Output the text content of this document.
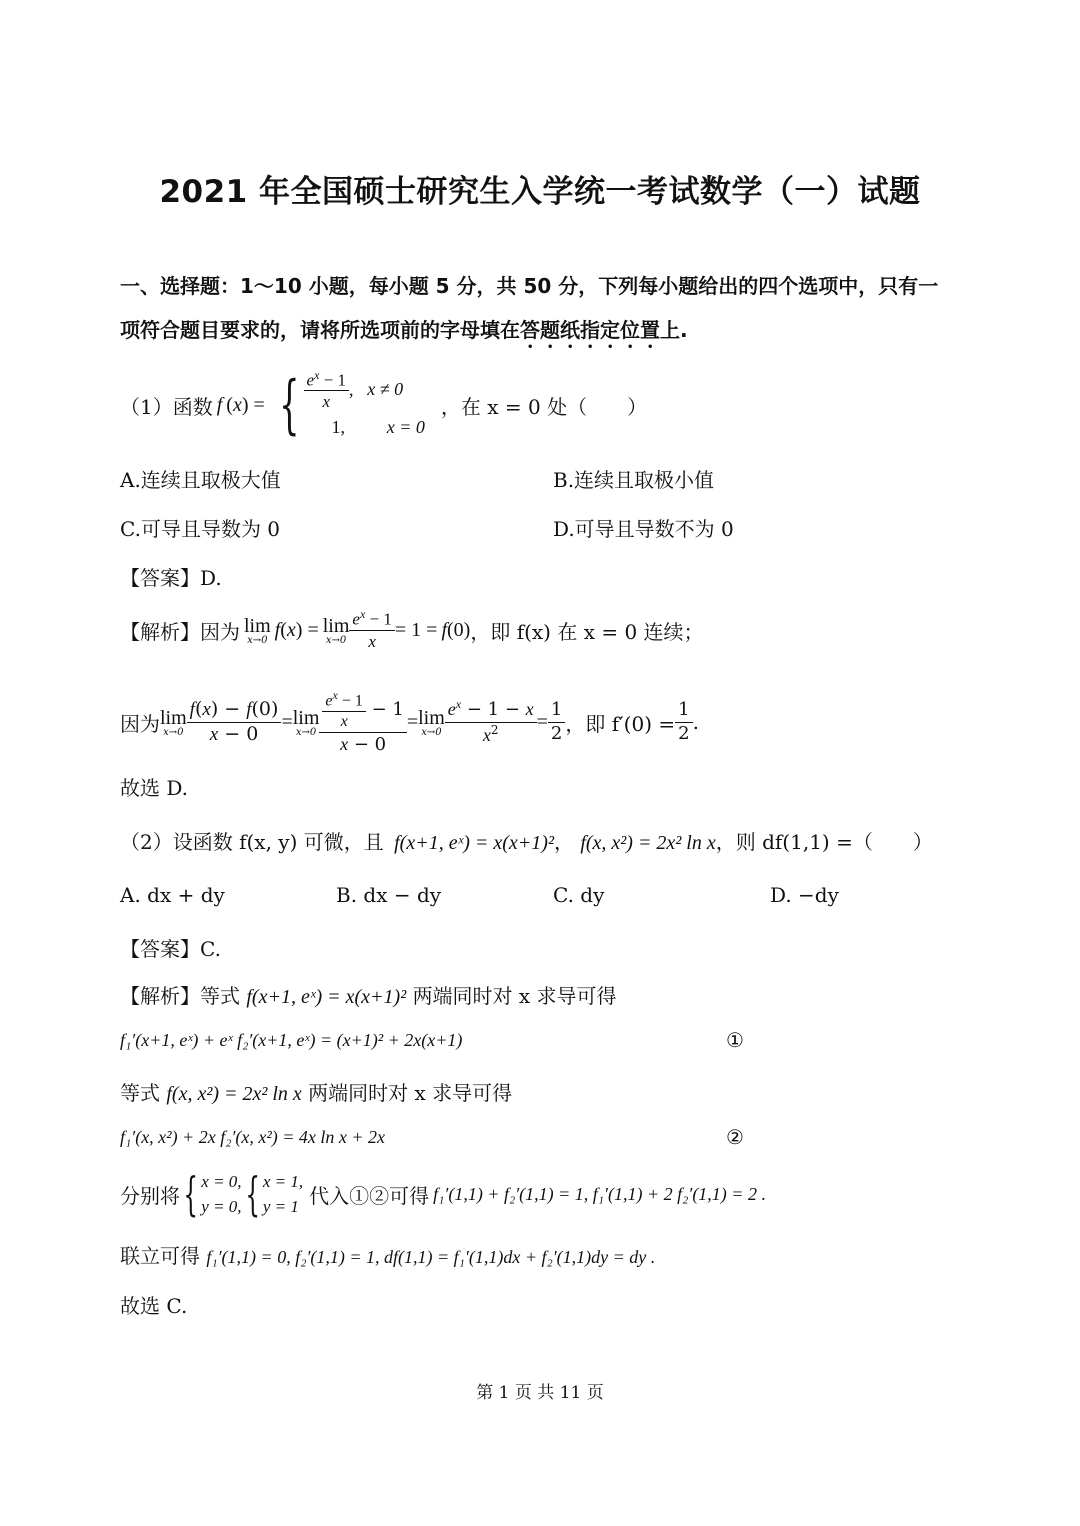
2021 年全国硕士研究生入学统一考试数学（一）试题
一、选择题：1～10 小题，每小题 5 分，共 50 分，下列每小题给出的四个选项中，只有一
项符合题目要求的，请将所选项前的字母填在答题纸指定位置上.
（1）函数 f ( x ) = { $\frac{e^x - 1}{x}$ , x ≠ 0
1, x = 0
，在 x = 0 处（　　）
A.连续且取极大值	B.连续且取极小值
C.可导且导数为 0	D.可导且导数不为 0
【答案】D.
【解析】因为 lim
x→0 f ( x ) = lim
$x\to 0 \frac{e^x - 1}{x} = 1 = f$ (0) ，即 f(x) 在 x = 0 连续；
因为 lim
$x\to 0 \frac{f(x) - f(0)}{x - 0} = \lim$
$x\to 0 \frac{\frac{e^x - 1}{x} - 1}{x - 0} = \lim$
$x\to 0 \frac{e^x - 1 - x}{x^2} = \frac{1}{2}$ ，即 $f'(0) = \frac{1}{2}$ .
故选 D.
（2）设函数 f(x, y) 可微，且 f(x+1, eˣ) = x(x+1)²， f(x, x²) = 2x² ln x，则 df(1,1) =（　　）
A. dx + dy	B. dx − dy	C. dy	D. −dy
【答案】C.
【解析】等式 f(x+1, eˣ) = x(x+1)² 两端同时对 x 求导可得
f₁′(x+1, eˣ) + eˣ f₂′(x+1, eˣ) = (x+1)² + 2x(x+1)	①
等式 f(x, x²) = 2x² ln x 两端同时对 x 求导可得
f₁′(x, x²) + 2x f₂′(x, x²) = 4x ln x + 2x	②
分别将 { x = 0,
y = 0, { x = 1,
y = 1 代入①②可得 f₁′(1,1) + f₂′(1,1) = 1, f₁′(1,1) + 2 f₂′(1,1) = 2 .
联立可得 f₁′(1,1) = 0, f₂′(1,1) = 1, df(1,1) = f₁′(1,1)dx + f₂′(1,1)dy = dy .
故选 C.
第 1 页 共 11 页
